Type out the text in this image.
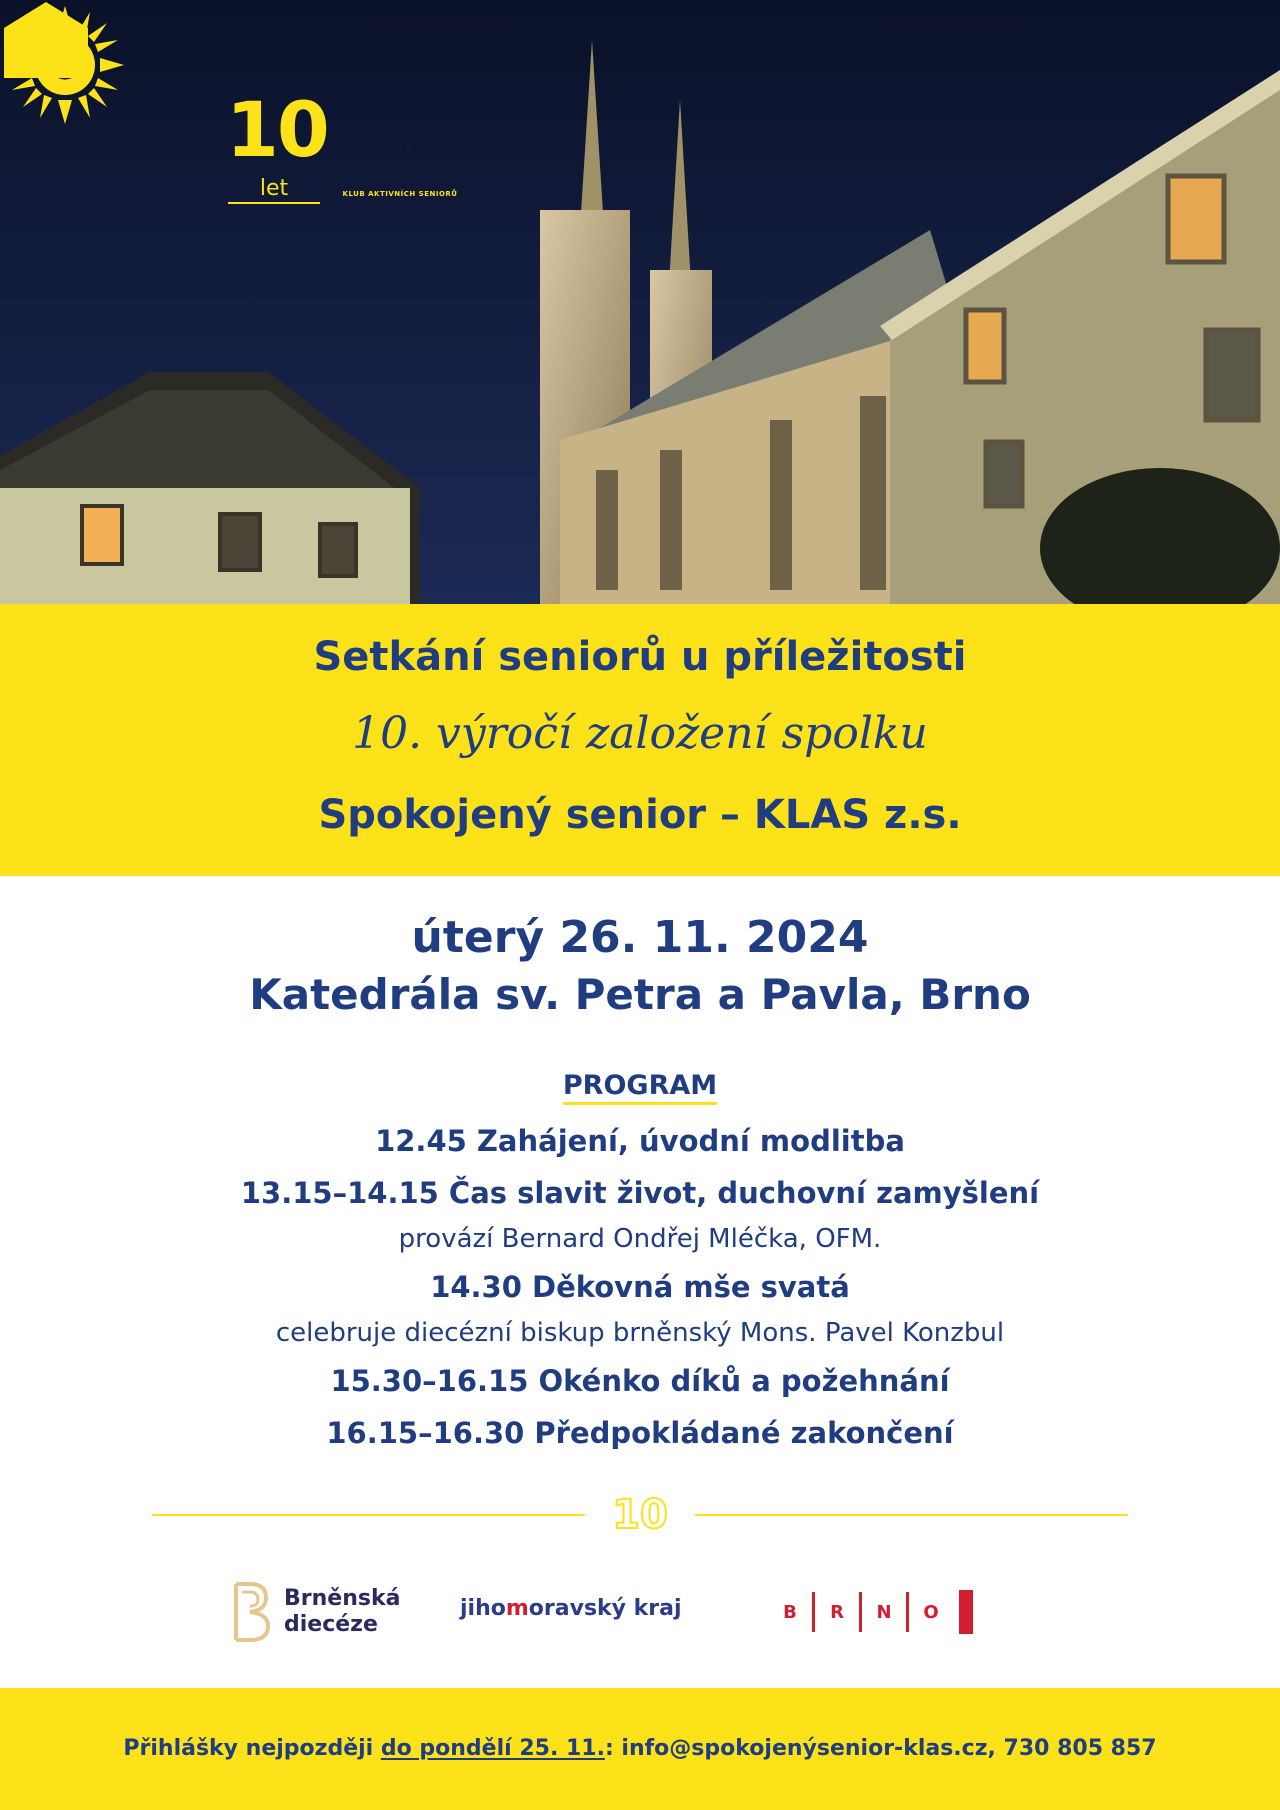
10
let
KLAS
KLUB AKTIVNÍCH SENIORŮ
Setkání seniorů u příležitosti
10. výročí založení spolku
Spokojený senior – KLAS z.s.
úterý 26. 11. 2024
Katedrála sv. Petra a Pavla, Brno
PROGRAM
12.45 Zahájení, úvodní modlitba
13.15–14.15 Čas slavit život, duchovní zamyšlení
provází Bernard Ondřej Mléčka, OFM.
14.30 Děkovná mše svatá
celebruje diecézní biskup brněnský Mons. Pavel Konzbul
15.30–16.15 Okénko díků a požehnání
16.15–16.30 Předpokládané zakončení
10
Brněnská
diecéze
jihomoravský kraj	B	R	N	O
Přihlášky nejpozději do pondělí 25. 11.: info@spokojenýsenior-klas.cz, 730 805 857
